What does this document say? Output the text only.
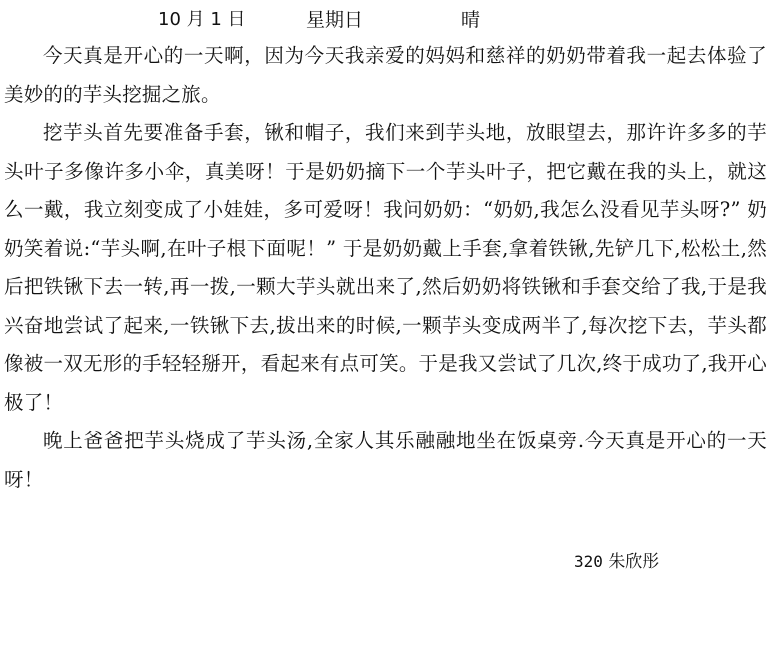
10 月 1 日	星期日	晴

今天真是开心的一天啊，因为今天我亲爱的妈妈和慈祥的奶奶带着我一起去体验了美妙的的芋头挖掘之旅。

挖芋头首先要准备手套，锹和帽子，我们来到芋头地，放眼望去，那许许多多的芋头叶子多像许多小伞，真美呀！于是奶奶摘下一个芋头叶子，把它戴在我的头上，就这么一戴，我立刻变成了小娃娃，多可爱呀！我问奶奶：“奶奶,我怎么没看见芋头呀?” 奶奶笑着说:“芋头啊,在叶子根下面呢！” 于是奶奶戴上手套,拿着铁锹,先铲几下,松松土,然后把铁锹下去一转,再一拨,一颗大芋头就出来了,然后奶奶将铁锹和手套交给了我,于是我兴奋地尝试了起来,一铁锹下去,拔出来的时候,一颗芋头变成两半了,每次挖下去，芋头都像被一双无形的手轻轻掰开，看起来有点可笑。于是我又尝试了几次,终于成功了,我开心极了！

晚上爸爸把芋头烧成了芋头汤,全家人其乐融融地坐在饭桌旁.今天真是开心的一天呀！

320 朱欣彤
